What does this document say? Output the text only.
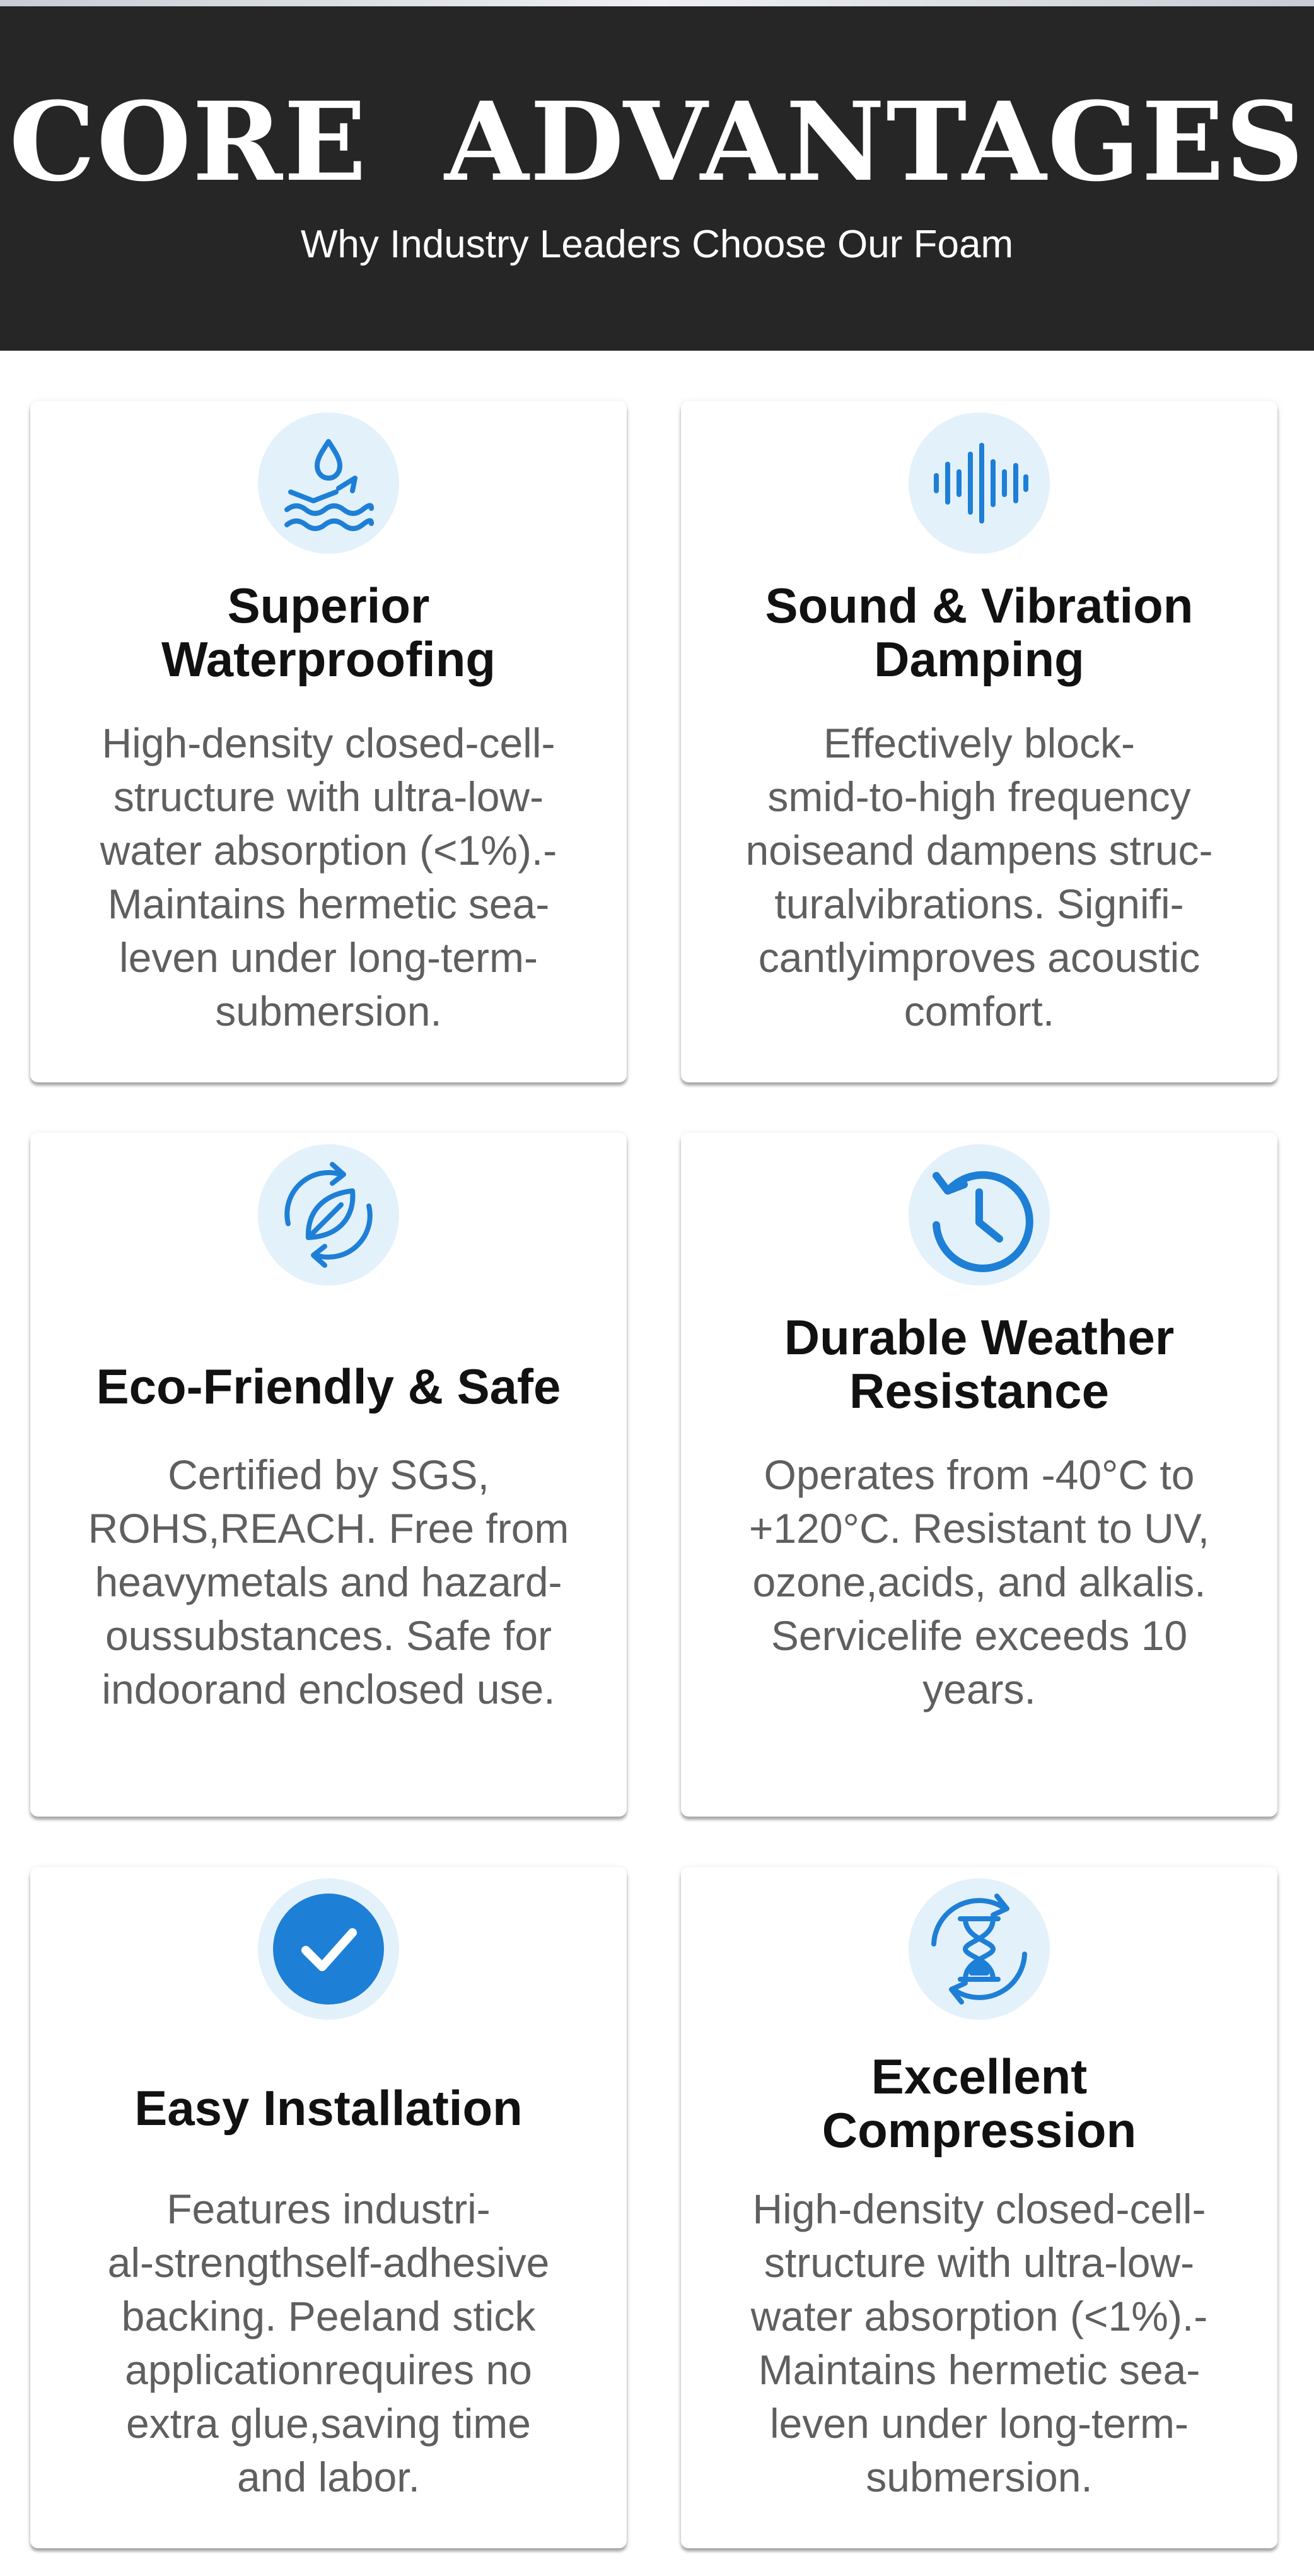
CORE ADVANTAGES
Why Industry Leaders Choose Our Foam
Superior
Waterproofing
High-density closed-cell-
structure with ultra-low-
water absorption (<1%).-
Maintains hermetic sea-
leven under long-term-
submersion.
Sound & Vibration
Damping
Effectively block-
smid-to-high frequency
noiseand dampens struc-
turalvibrations. Signifi-
cantlyimproves acoustic
comfort.
Eco-Friendly & Safe
Certified by SGS,
ROHS,REACH. Free from
heavymetals and hazard-
oussubstances. Safe for
indoorand enclosed use.
Durable Weather
Resistance
Operates from -40°C to
+120°C. Resistant to UV,
ozone,acids, and alkalis.
Servicelife exceeds 10
years.
Easy Installation
Features industri-
al-strengthself-adhesive
backing. Peeland stick
applicationrequires no
extra glue,saving time
and labor.
Excellent
Compression
High-density closed-cell-
structure with ultra-low-
water absorption (<1%).-
Maintains hermetic sea-
leven under long-term-
submersion.
